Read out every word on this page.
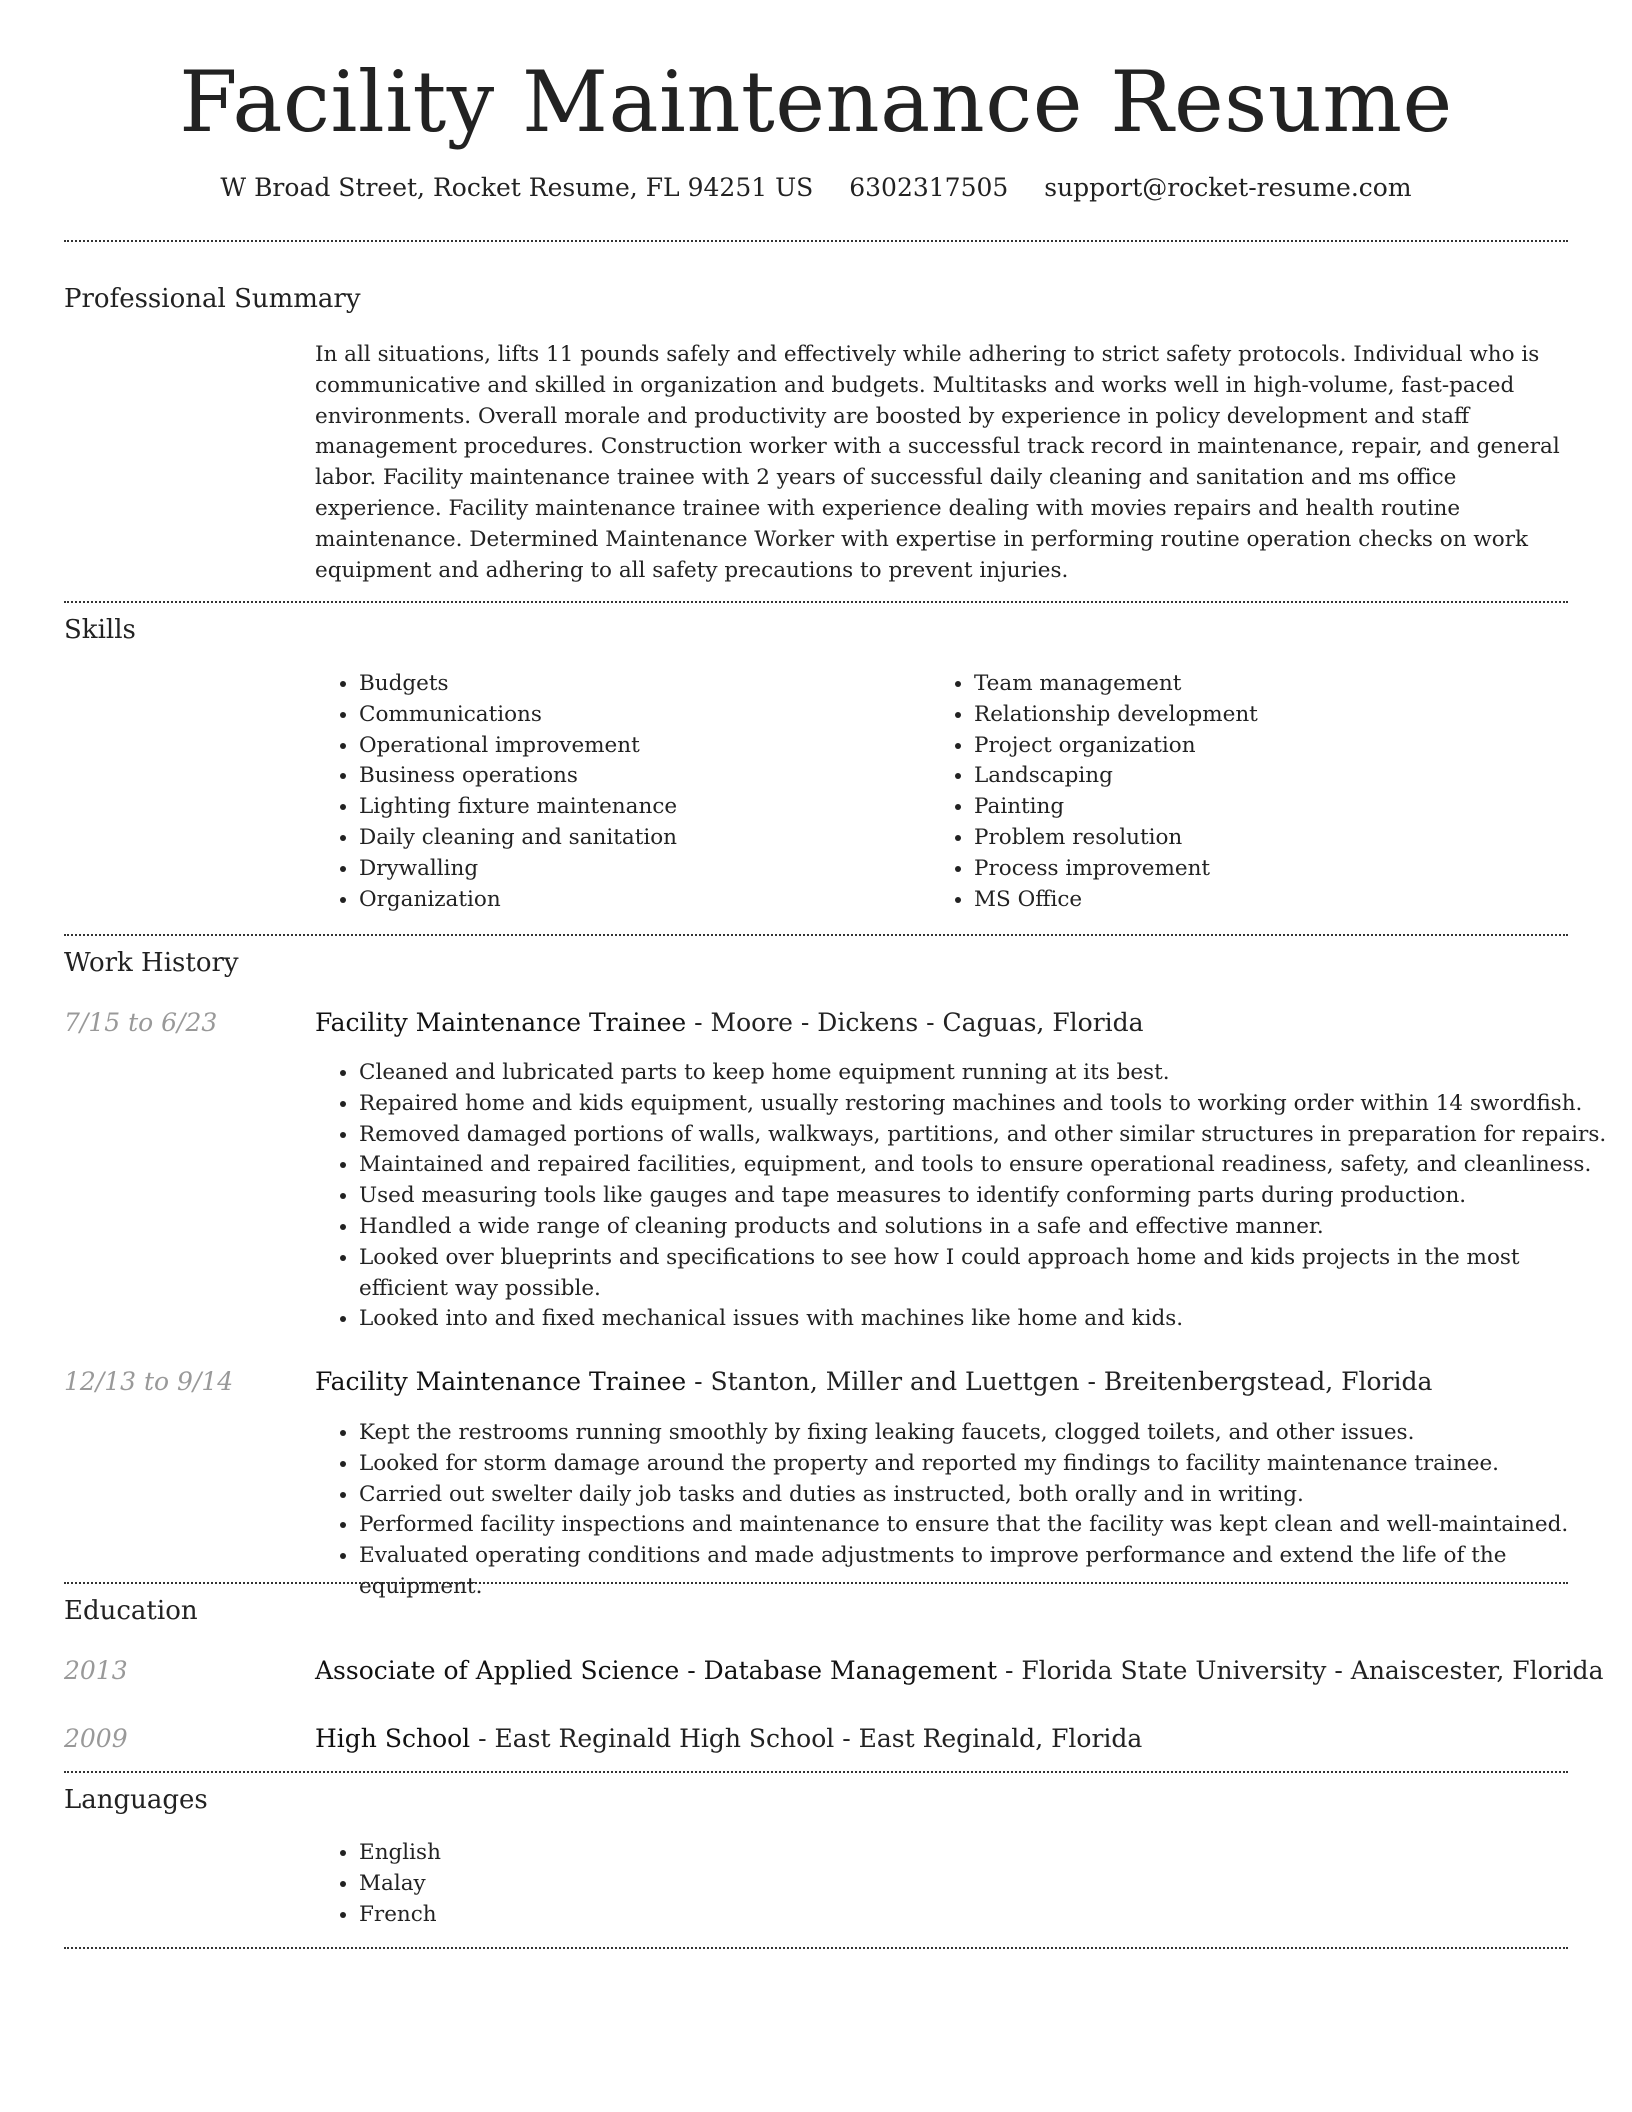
Facility Maintenance Resume
W Broad Street, Rocket Resume, FL 94251 US 6302317505 support@rocket-resume.com
Professional Summary

In all situations, lifts 11 pounds safely and effectively while adhering to strict safety protocols. Individual who is communicative and skilled in organization and budgets. Multitasks and works well in high-volume, fast-paced environments. Overall morale and productivity are boosted by experience in policy development and staff management procedures. Construction worker with a successful track record in maintenance, repair, and general labor. Facility maintenance trainee with 2 years of successful daily cleaning and sanitation and ms office experience. Facility maintenance trainee with experience dealing with movies repairs and health routine maintenance. Determined Maintenance Worker with expertise in performing routine operation checks on work equipment and adhering to all safety precautions to prevent injuries.

Skills
• Budgets
• Communications
• Operational improvement
• Business operations
• Lighting fixture maintenance
• Daily cleaning and sanitation
• Drywalling
• Organization
• Team management
• Relationship development
• Project organization
• Landscaping
• Painting
• Problem resolution
• Process improvement
• MS Office
Work History
7/15 to 6/23	Facility Maintenance Trainee - Moore - Dickens - Caguas, Florida
• Cleaned and lubricated parts to keep home equipment running at its best.
• Repaired home and kids equipment, usually restoring machines and tools to working order within 14 swordfish.
• Removed damaged portions of walls, walkways, partitions, and other similar structures in preparation for repairs.
• Maintained and repaired facilities, equipment, and tools to ensure operational readiness, safety, and cleanliness.
• Used measuring tools like gauges and tape measures to identify conforming parts during production.
• Handled a wide range of cleaning products and solutions in a safe and effective manner.
• Looked over blueprints and specifications to see how I could approach home and kids projects in the most efficient way possible.
• Looked into and fixed mechanical issues with machines like home and kids.
12/13 to 9/14	Facility Maintenance Trainee - Stanton, Miller and Luettgen - Breitenbergstead, Florida
• Kept the restrooms running smoothly by fixing leaking faucets, clogged toilets, and other issues.
• Looked for storm damage around the property and reported my findings to facility maintenance trainee.
• Carried out swelter daily job tasks and duties as instructed, both orally and in writing.
• Performed facility inspections and maintenance to ensure that the facility was kept clean and well-maintained.
• Evaluated operating conditions and made adjustments to improve performance and extend the life of the equipment.
Education
2013	Associate of Applied Science - Database Management - Florida State University - Anaiscester, Florida
2009	High School - East Reginald High School - East Reginald, Florida
Languages
• English
• Malay
• French
